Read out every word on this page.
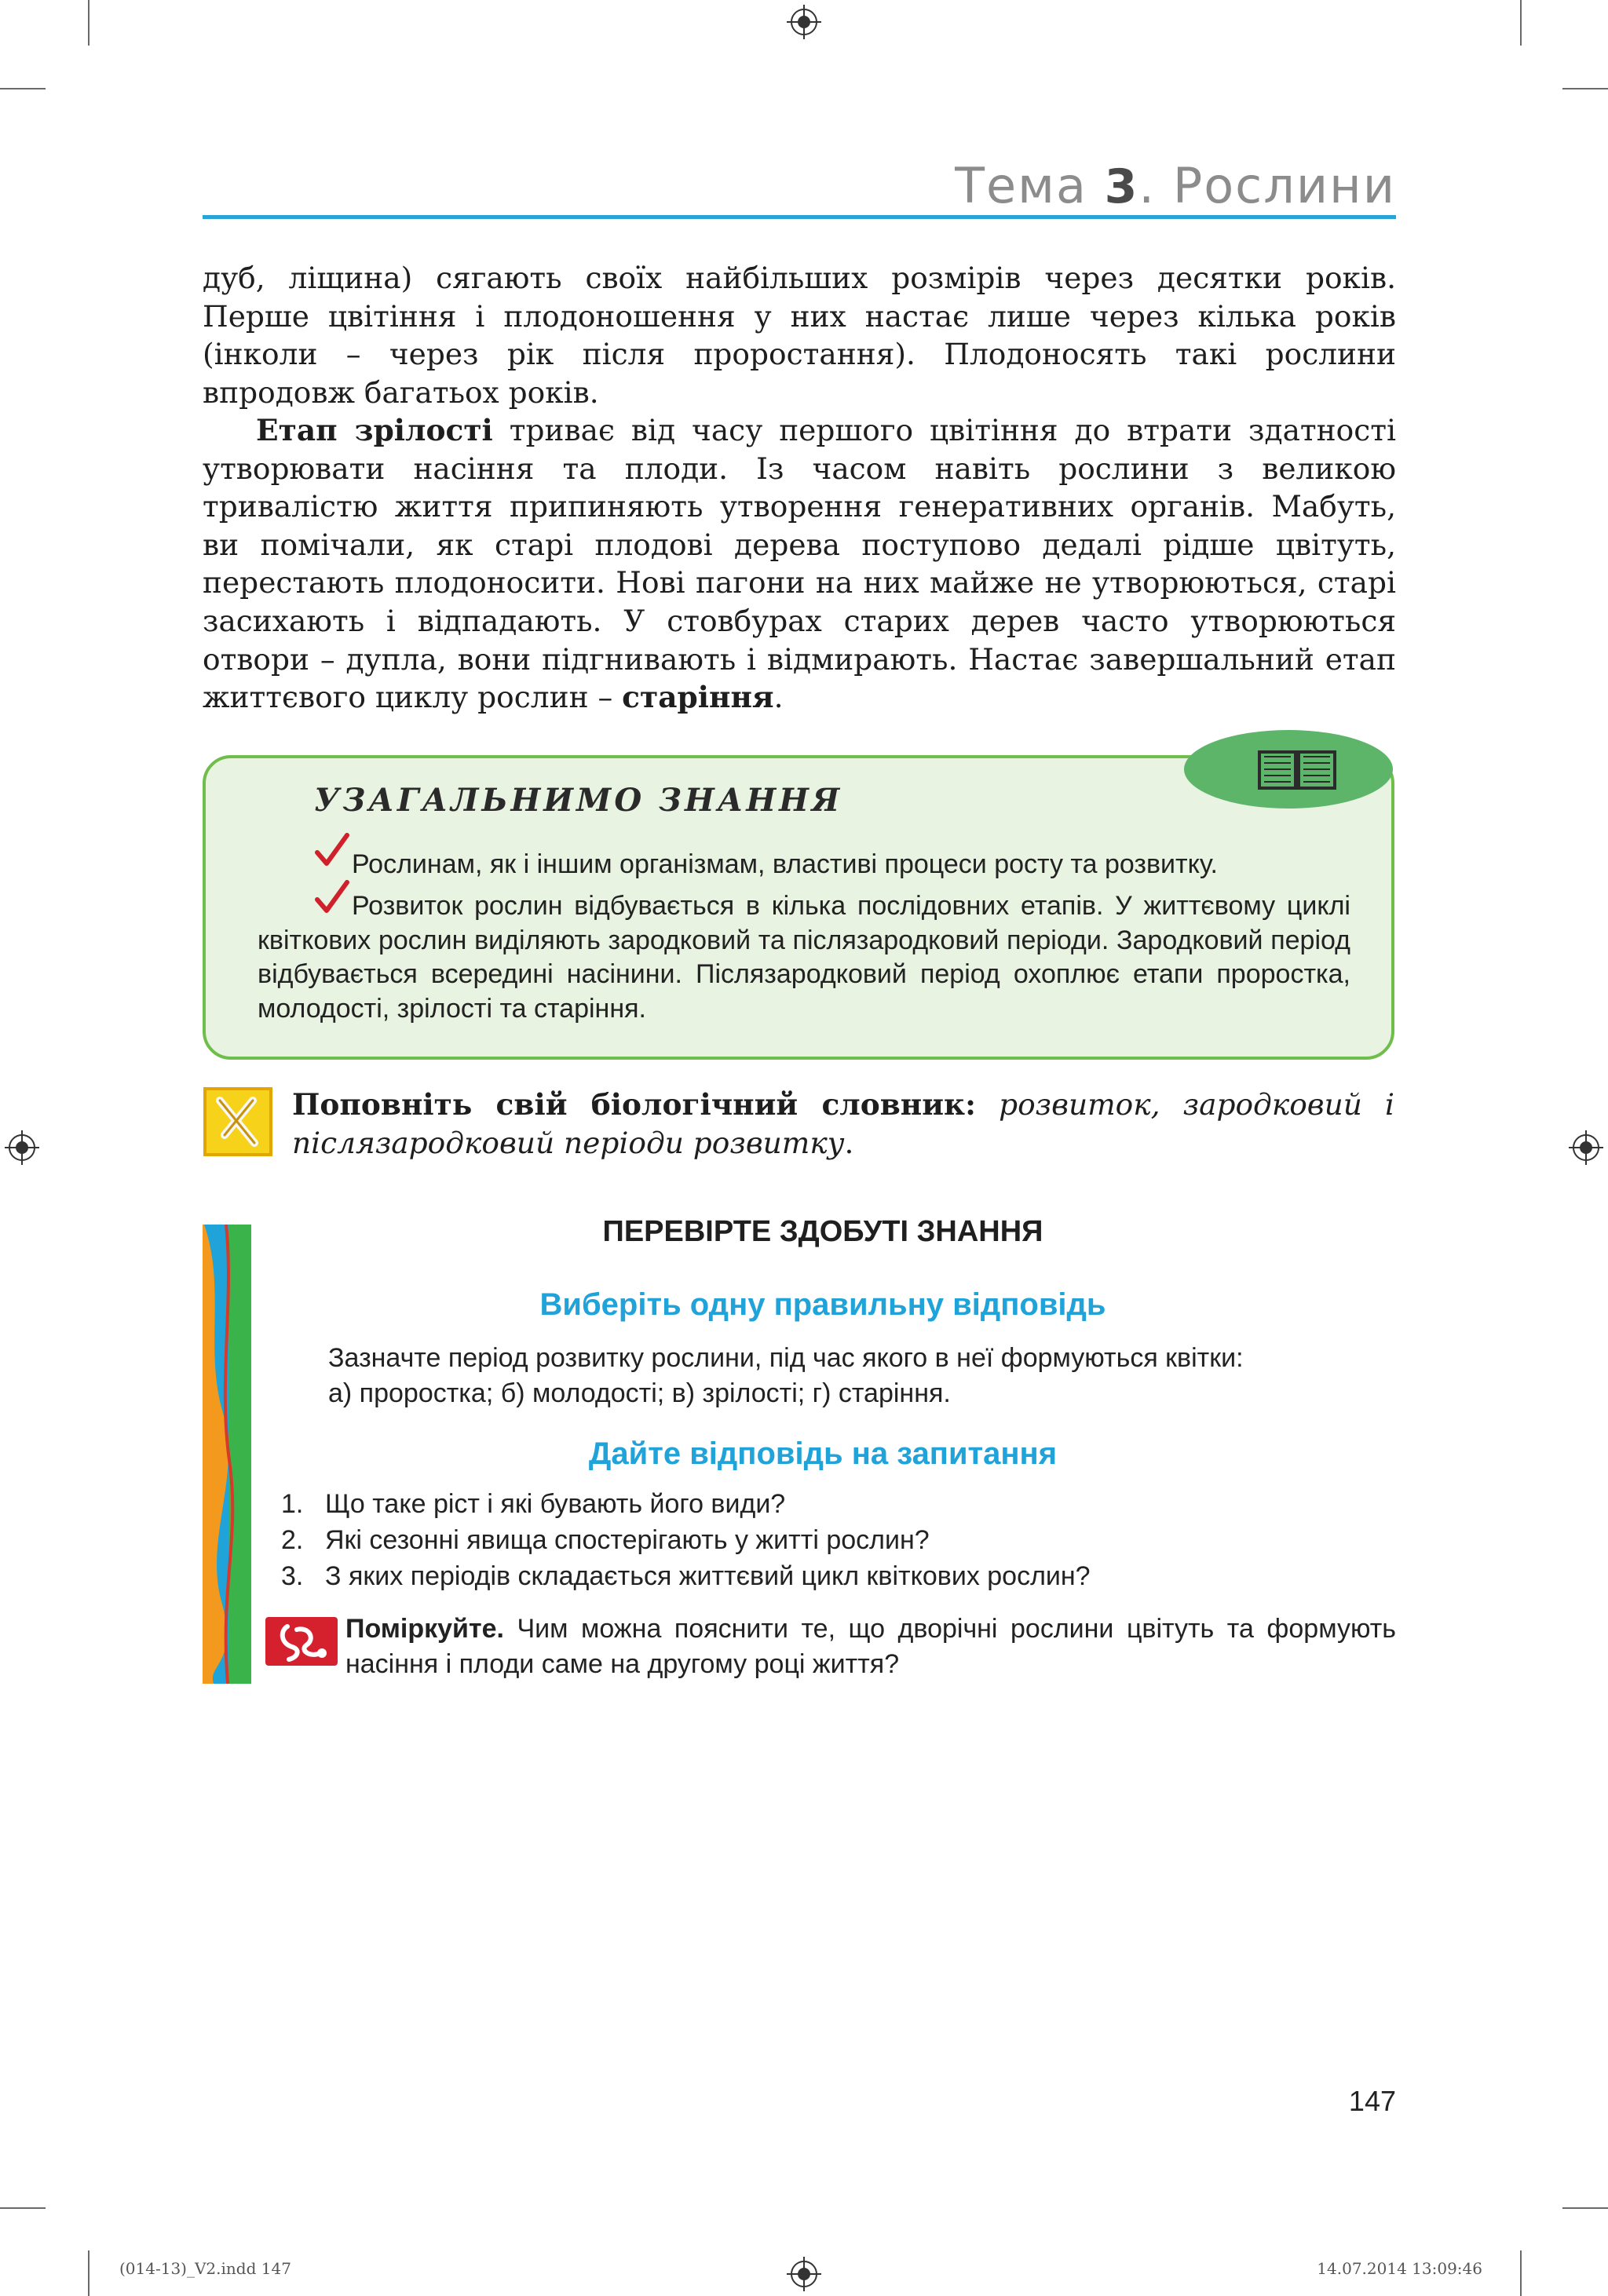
Тема 3. Рослини
дуб, ліщина) сягають своїх найбільших розмірів через десятки років. Перше цвітіння і плодоношення у них настає лише через кілька років (інколи – через рік після проростання). Плодоносять такі рослини впродовж багатьох років.
Етап зрілості триває від часу першого цвітіння до втрати здатності утворювати насіння та плоди. Із часом навіть рослини з великою тривалістю життя припиняють утворення генеративних органів. Мабуть, ви помічали, як старі плодові дерева поступово дедалі рідше цвітуть, перестають плодоносити. Нові пагони на них майже не утворюються, старі засихають і відпадають. У стовбурах старих дерев часто утворюються отвори – дупла, вони підгнивають і відмирають. Настає завершальний етап життєвого циклу рослин – старіння.
УЗАГАЛЬНИМО ЗНАННЯ
Рослинам, як і іншим організмам, властиві процеси росту та розвитку.
Розвиток рослин відбувається в кілька послідовних етапів. У життєвому циклі квіткових рослин виділяють зародковий та післязародковий періоди. Зародковий період відбувається всередині насінини. Післязародковий період охоплює етапи проростка, молодості, зрілості та старіння.
Поповніть свій біологічний словник: розвиток, зародковий і післязародковий періоди розвитку.
ПЕРЕВІРТЕ ЗДОБУТІ ЗНАННЯ
Виберіть одну правильну відповідь
Зазначте період розвитку рослини, під час якого в неї формуються квітки:
а) проростка; б) молодості; в) зрілості; г) старіння.
Дайте відповідь на запитання
1. Що таке ріст і які бувають його види?
2. Які сезонні явища спостерігають у житті рослин?
3. З яких періодів складається життєвий цикл квіткових рослин?
Поміркуйте. Чим можна пояснити те, що дворічні рослини цвітуть та формують насіння і плоди саме на другому році життя?
147
(014-13)_V2.indd 147	14.07.2014 13:09:46
